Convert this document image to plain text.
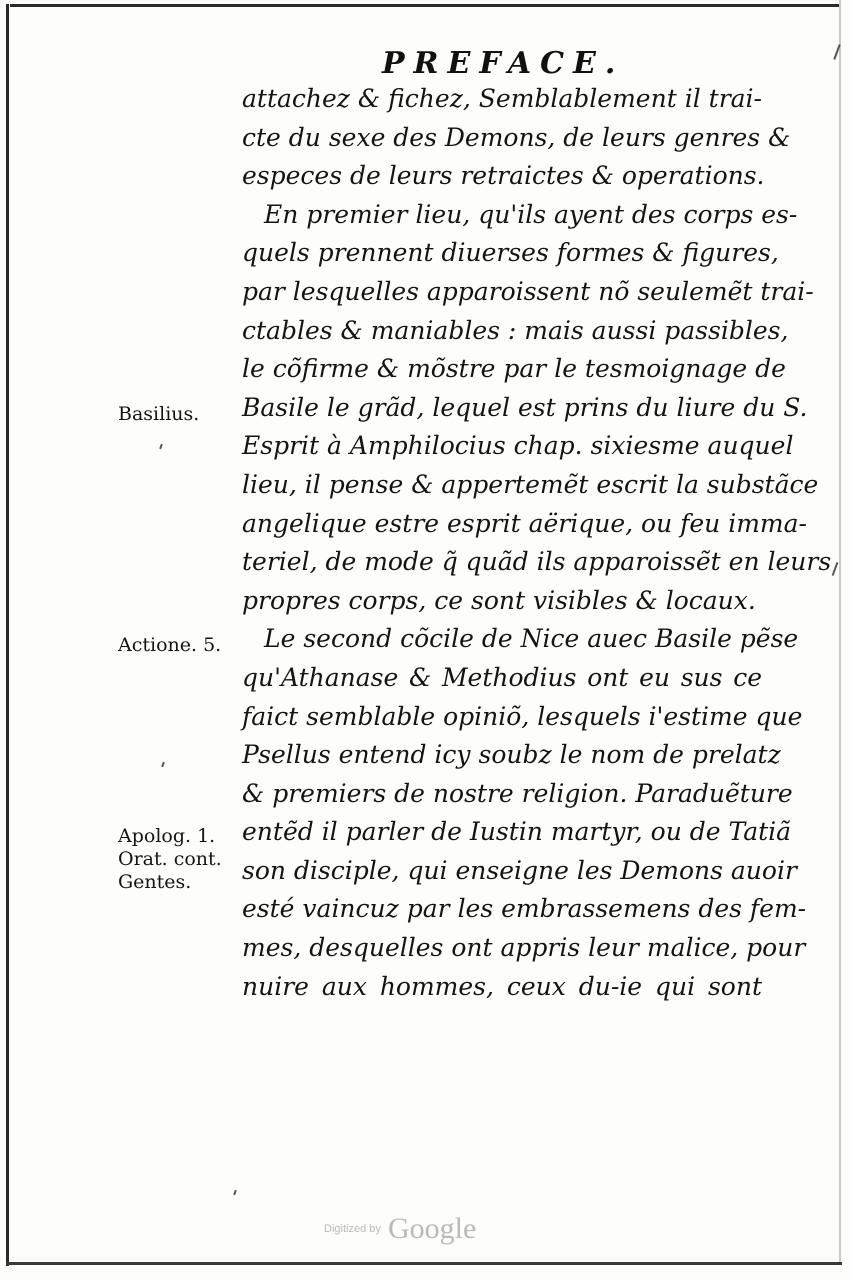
PREFACE.
attachez & fichez, Semblablement il trai-
cte du sexe des Demons, de leurs genres &
especes de leurs retraictes & operations.
En premier lieu, qu'ils ayent des corps es-
quels prennent diuerses formes & figures,
par lesquelles apparoissent nõ seulemẽt trai-
ctables & maniables : mais aussi passibles,
le cõfirme & mõstre par le tesmoignage de
Basile le grãd, lequel est prins du liure du S.
Esprit à Amphilocius chap. sixiesme auquel
lieu, il pense & appertemẽt escrit la substãce
angelique estre esprit aërique, ou feu imma-
teriel, de mode q̃ quãd ils apparoissẽt en leurs
propres corps, ce sont visibles & locaux.
Le second cõcile de Nice auec Basile pẽse
qu'Athanase & Methodius ont eu sus ce
faict semblable opiniõ, lesquels i'estime que
Psellus entend icy soubz le nom de prelatz
& premiers de nostre religion. Paraduẽture
entẽd il parler de Iustin martyr, ou de Tatiã
son disciple, qui enseigne les Demons auoir
esté vaincuz par les embrassemens des fem-
mes, desquelles ont appris leur malice, pour
nuire aux hommes, ceux du-ie qui sont
Basilius.
Actione. 5.
Apolog. 1.
Orat. cont.
Gentes.
Digitized by Google
